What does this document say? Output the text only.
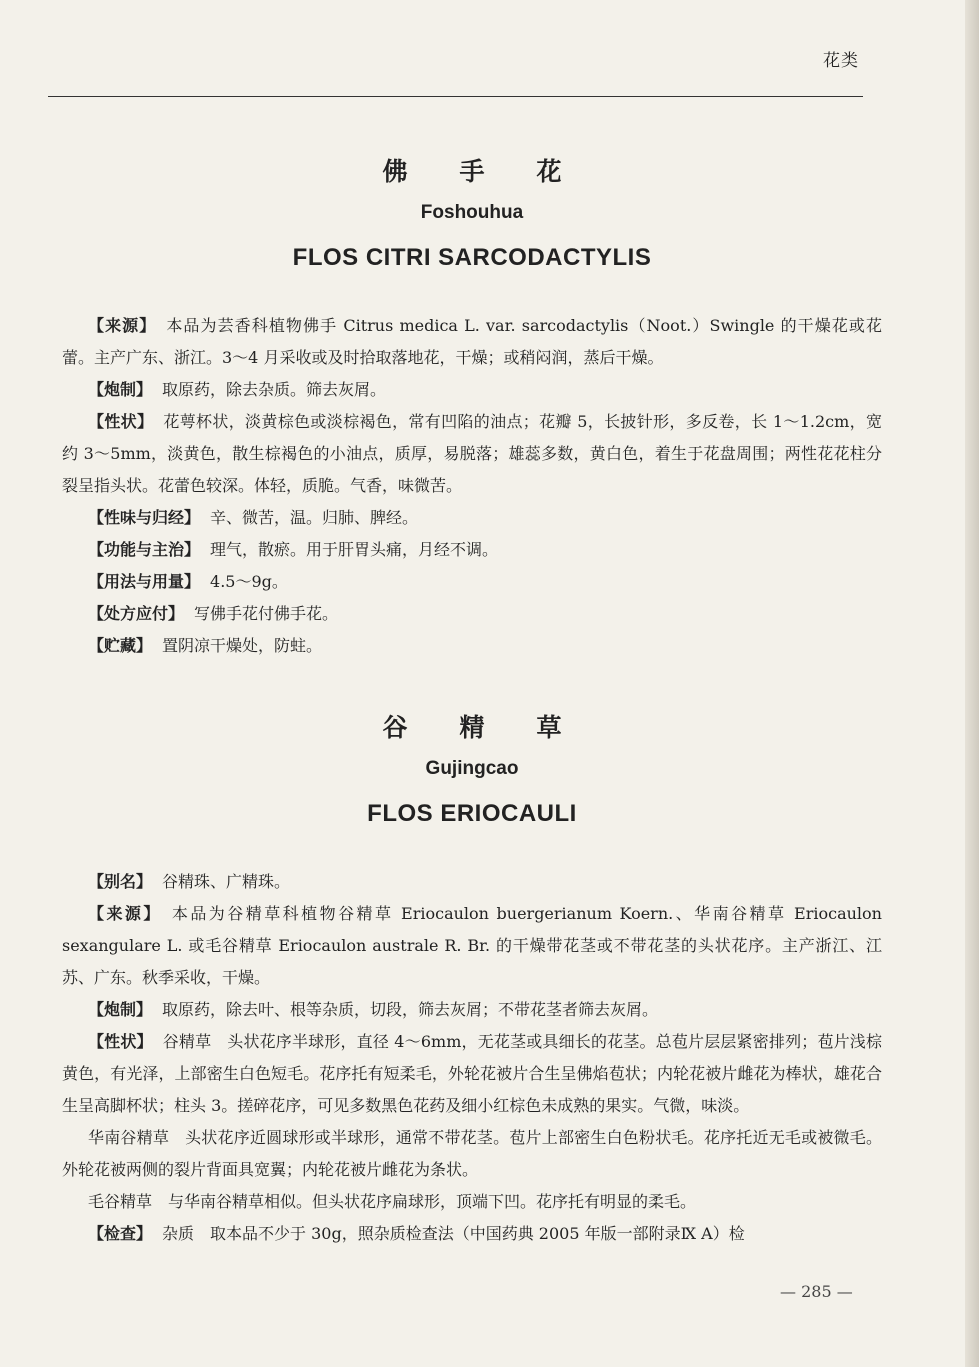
花类
佛手花
Foshouhua
FLOS CITRI SARCODACTYLIS

【来源】 本品为芸香科植物佛手 Citrus medica L. var. sarcodactylis（Noot.）Swingle 的干燥花或花蕾。主产广东、浙江。3～4 月采收或及时拾取落地花，干燥；或稍闷润，蒸后干燥。

【炮制】 取原药，除去杂质。筛去灰屑。

【性状】 花萼杯状，淡黄棕色或淡棕褐色，常有凹陷的油点；花瓣 5，长披针形，多反卷，长 1～1.2cm，宽约 3～5mm，淡黄色，散生棕褐色的小油点，质厚，易脱落；雄蕊多数，黄白色，着生于花盘周围；两性花花柱分裂呈指头状。花蕾色较深。体轻，质脆。气香，味微苦。

【性味与归经】 辛、微苦，温。归肺、脾经。

【功能与主治】 理气，散瘀。用于肝胃头痛，月经不调。

【用法与用量】 4.5～9g。

【处方应付】 写佛手花付佛手花。

【贮藏】 置阴凉干燥处，防蛀。

谷精草
Gujingcao
FLOS ERIOCAULI

【别名】 谷精珠、广精珠。

【来源】 本品为谷精草科植物谷精草 Eriocaulon buergerianum Koern.、华南谷精草 Eriocaulon sexangulare L. 或毛谷精草 Eriocaulon australe R. Br. 的干燥带花茎或不带花茎的头状花序。主产浙江、江苏、广东。秋季采收，干燥。

【炮制】 取原药，除去叶、根等杂质，切段，筛去灰屑；不带花茎者筛去灰屑。

【性状】 谷精草 头状花序半球形，直径 4～6mm，无花茎或具细长的花茎。总苞片层层紧密排列；苞片浅棕黄色，有光泽，上部密生白色短毛。花序托有短柔毛，外轮花被片合生呈佛焰苞状；内轮花被片雌花为棒状，雄花合生呈高脚杯状；柱头 3。搓碎花序，可见多数黑色花药及细小红棕色未成熟的果实。气微，味淡。

华南谷精草 头状花序近圆球形或半球形，通常不带花茎。苞片上部密生白色粉状毛。花序托近无毛或被微毛。外轮花被两侧的裂片背面具宽翼；内轮花被片雌花为条状。

毛谷精草 与华南谷精草相似。但头状花序扁球形，顶端下凹。花序托有明显的柔毛。

【检查】 杂质 取本品不少于 30g，照杂质检查法（中国药典 2005 年版一部附录Ⅸ A）检

— 285 —
